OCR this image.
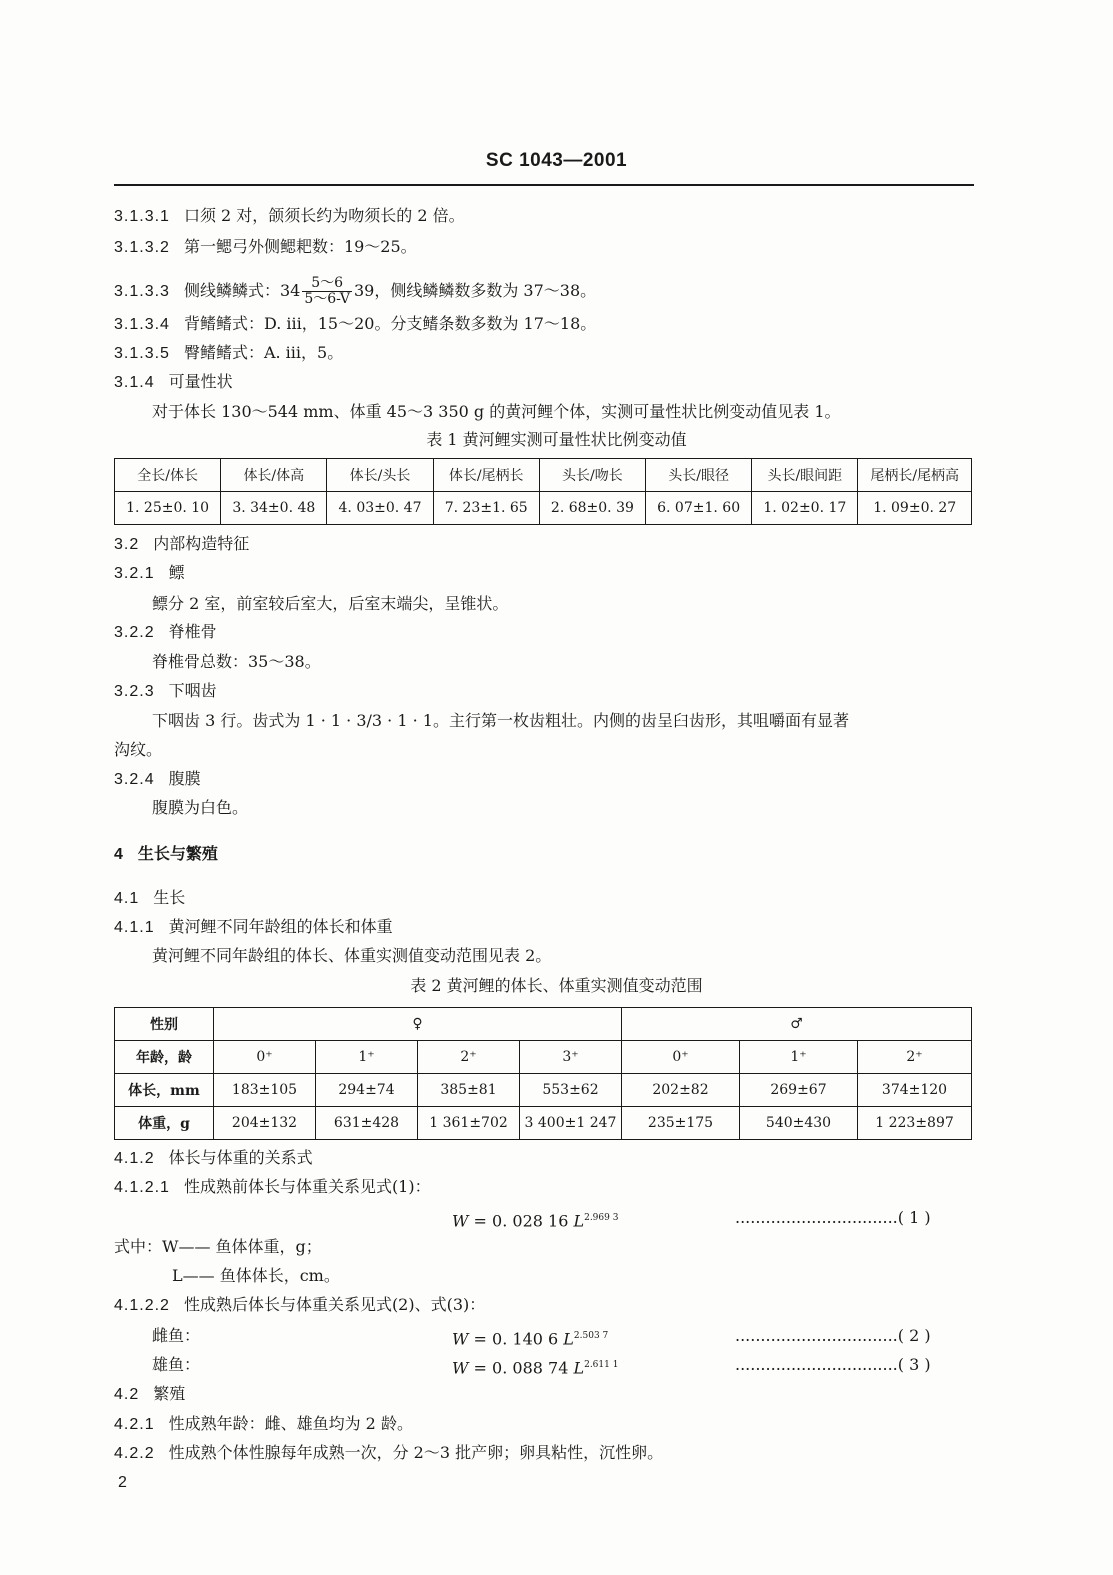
SC 1043—2001
3.1.3.1 口须 2 对，颌须长约为吻须长的 2 倍。
3.1.3.2 第一鳃弓外侧鳃耙数：19～25。
3.1.3.3 侧线鳞鳞式：$34 \frac{5\sim 6}{5\sim 6-V} 39$，侧线鳞鳞数多数为 37～38。
3.1.3.4 背鳍鳍式：D. iii，15～20。分支鳍条数多数为 17～18。
3.1.3.5 臀鳍鳍式：A. iii，5。
3.1.4 可量性状
对于体长 130～544 mm、体重 45～3 350 g 的黄河鲤个体，实测可量性状比例变动值见表 1。
表 1 黄河鲤实测可量性状比例变动值
全长/体长	体长/体高	体长/头长	体长/尾柄长	头长/吻长	头长/眼径	头长/眼间距	尾柄长/尾柄高
1. 25±0. 10	3. 34±0. 48	4. 03±0. 47	7. 23±1. 65	2. 68±0. 39	6. 07±1. 60	1. 02±0. 17	1. 09±0. 27
3.2 内部构造特征
3.2.1 鳔
鳔分 2 室，前室较后室大，后室末端尖，呈锥状。
3.2.2 脊椎骨
脊椎骨总数：35～38。
3.2.3 下咽齿
下咽齿 3 行。齿式为 1 · 1 · 3/3 · 1 · 1。主行第一枚齿粗壮。内侧的齿呈臼齿形，其咀嚼面有显著
沟纹。
3.2.4 腹膜
腹膜为白色。
4 生长与繁殖
4.1 生长
4.1.1 黄河鲤不同年龄组的体长和体重
黄河鲤不同年龄组的体长、体重实测值变动范围见表 2。
表 2 黄河鲤的体长、体重实测值变动范围
性别	♀				♂		
年龄，龄	0⁺	1⁺	2⁺	3⁺	0⁺	1⁺	2⁺
体长，mm	183±105	294±74	385±81	553±62	202±82	269±67	374±120
体重，g	204±132	631±428	1 361±702	3 400±1 247	235±175	540±430	1 223±897
4.1.2 体长与体重的关系式
4.1.2.1 性成熟前体长与体重关系见式(1)：
W = 0. 028 16 $L^{2.969 3}$	................................( 1 )
式中：W—— 鱼体体重，g；
L—— 鱼体体长，cm。
4.1.2.2 性成熟后体长与体重关系见式(2)、式(3)：
雌鱼：	W = 0. 140 6 $L^{2.503 7}$	................................( 2 )
雄鱼：	W = 0. 088 74 $L^{2.611 1}$	................................( 3 )
4.2 繁殖
4.2.1 性成熟年龄：雌、雄鱼均为 2 龄。
4.2.2 性成熟个体性腺每年成熟一次，分 2～3 批产卵；卵具粘性，沉性卵。
2
